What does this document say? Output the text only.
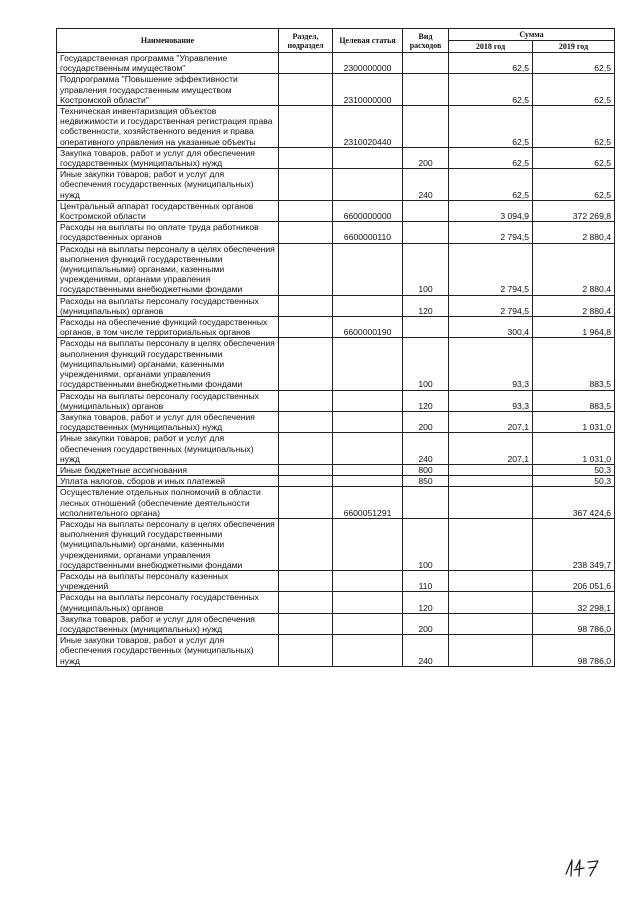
Наименование	Раздел, подраздел	Целевая статья	Вид расходов	Сумма	
				2018 год	2019 год
Государственная программа "Управление государственным имуществом"		2300000000		62,5	62,5
Подпрограмма "Повышение эффективности управления государственным имуществом Костромской области"		2310000000		62,5	62,5
Техническая инвентаризация объектов недвижимости и государственная регистрация права собственности, хозяйственного ведения и права оперативного управления на указанные объекты		2310020440		62,5	62,5
Закупка товаров, работ и услуг для обеспечения государственных (муниципальных) нужд			200	62,5	62,5
Иные закупки товаров, работ и услуг для обеспечения государственных (муниципальных) нужд			240	62,5	62,5
Центральный аппарат государственных органов Костромской области		6600000000		3 094,9	372 269,8
Расходы на выплаты по оплате труда работников государственных органов		6600000110		2 794,5	2 880,4
Расходы на выплаты персоналу в целях обеспечения выполнения функций государственными (муниципальными) органами, казенными учреждениями, органами управления государственными внебюджетными фондами			100	2 794,5	2 880,4
Расходы на выплаты персоналу государственных (муниципальных) органов			120	2 794,5	2 880,4
Расходы на обеспечение функций государственных органов, в том числе территориальных органов		6600000190		300,4	1 964,8
Расходы на выплаты персоналу в целях обеспечения выполнения функций государственными (муниципальными) органами, казенными учреждениями, органами управления государственными внебюджетными фондами			100	93,3	883,5
Расходы на выплаты персоналу государственных (муниципальных) органов			120	93,3	883,5
Закупка товаров, работ и услуг для обеспечения государственных (муниципальных) нужд			200	207,1	1 031,0
Иные закупки товаров, работ и услуг для обеспечения государственных (муниципальных) нужд			240	207,1	1 031,0
Иные бюджетные ассигнования			800		50,3
Уплата налогов, сборов и иных платежей			850		50,3
Осуществление отдельных полномочий в области лесных отношений (обеспечение деятельности исполнительного органа)		6600051291			367 424,6
Расходы на выплаты персоналу в целях обеспечения выполнения функций государственными (муниципальными) органами, казенными учреждениями, органами управления государственными внебюджетными фондами			100		238 349,7
Расходы на выплаты персоналу казенных учреждений			110		206 051,6
Расходы на выплаты персоналу государственных (муниципальных) органов			120		32 298,1
Закупка товаров, работ и услуг для обеспечения государственных (муниципальных) нужд			200		98 786,0
Иные закупки товаров, работ и услуг для обеспечения государственных (муниципальных) нужд			240		98 786,0
